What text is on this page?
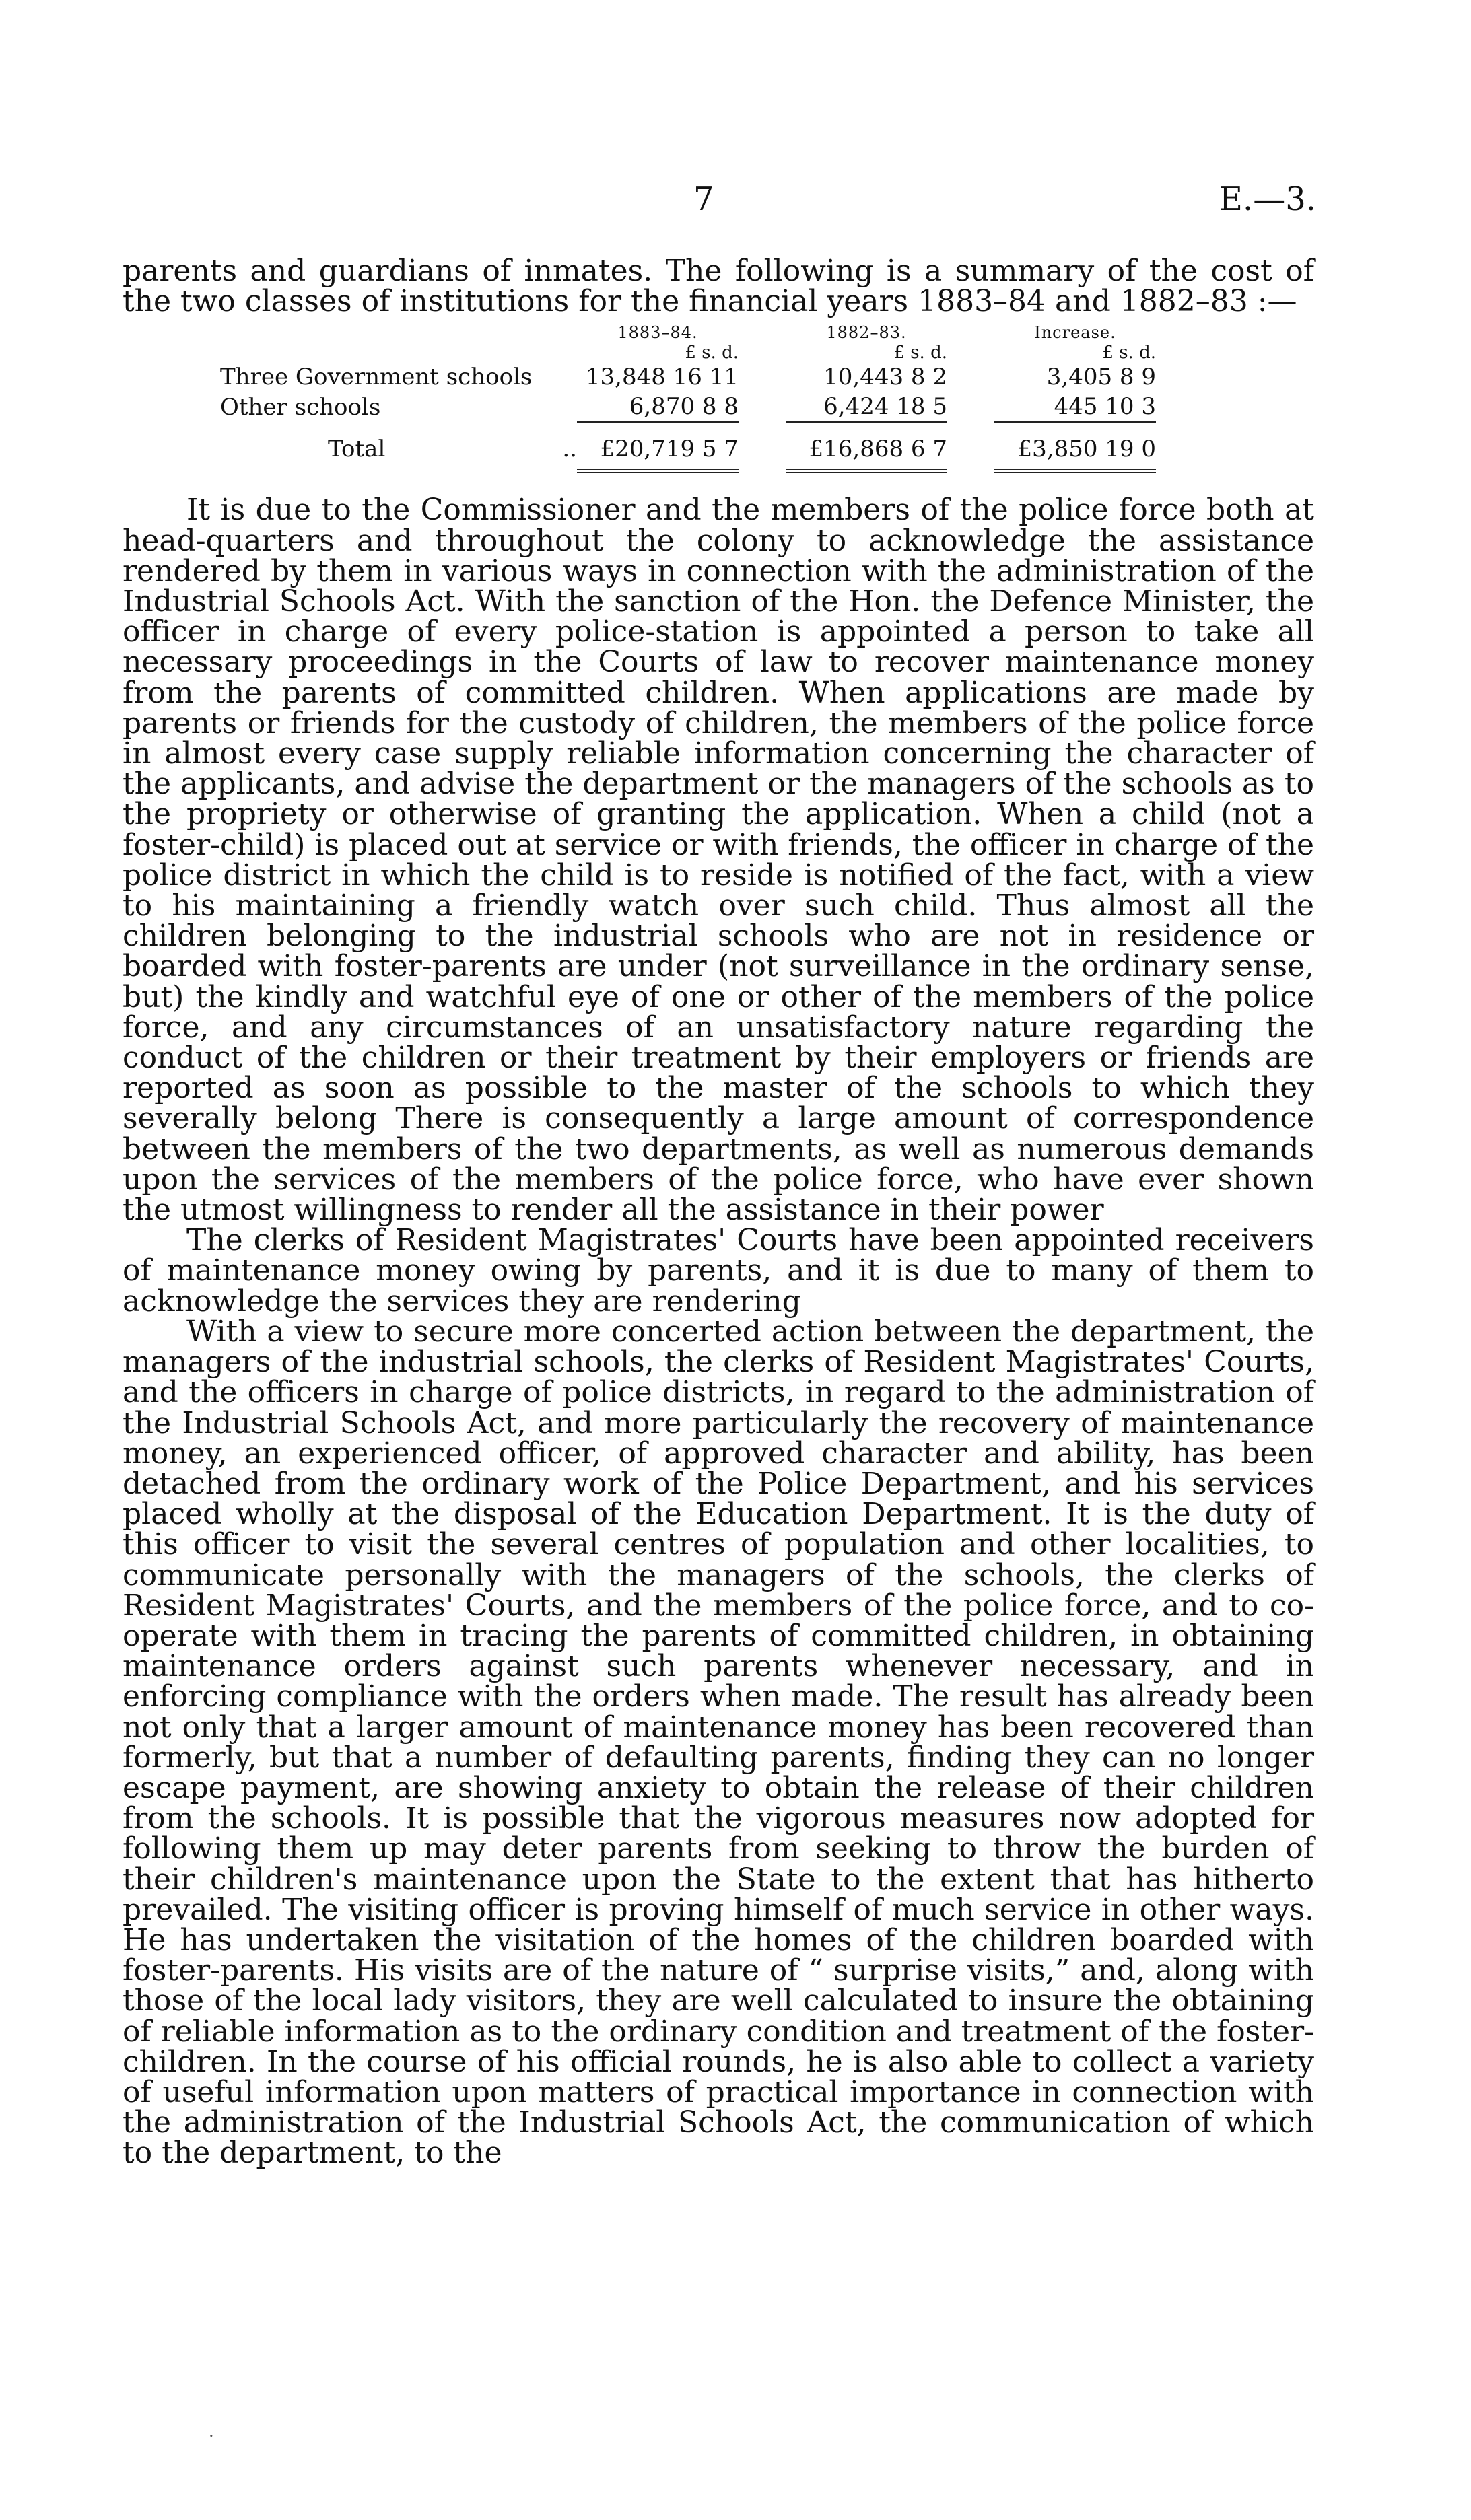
7	E.—3.

parents and guardians of inmates. The following is a summary of the cost of the two classes of institutions for the financial years 1883–84 and 1882–83 :—

	1883–84.		1882–83.		Increase.
	£ s. d.		£ s. d.		£ s. d.
Three Government schools	13,848 16 11		10,443 8 2		3,405 8 9
Other schools	6,870 8 8		6,424 18 5		445 10 3

Total ..	£20,719 5 7		£16,868 6 7		£3,850 19 0

It is due to the Commissioner and the members of the police force both at head-quarters and throughout the colony to acknowledge the assistance rendered by them in various ways in connection with the administration of the Industrial Schools Act. With the sanction of the Hon. the Defence Minister, the officer in charge of every police-station is appointed a person to take all necessary proceedings in the Courts of law to recover maintenance money from the parents of committed children. When applications are made by parents or friends for the custody of children, the members of the police force in almost every case supply reliable information concerning the character of the applicants, and advise the department or the managers of the schools as to the propriety or otherwise of granting the application. When a child (not a foster-child) is placed out at service or with friends, the officer in charge of the police district in which the child is to reside is notified of the fact, with a view to his maintaining a friendly watch over such child. Thus almost all the children belonging to the industrial schools who are not in residence or boarded with foster-parents are under (not surveillance in the ordinary sense, but) the kindly and watchful eye of one or other of the members of the police force, and any circumstances of an unsatisfactory nature regarding the conduct of the children or their treatment by their employers or friends are reported as soon as possible to the master of the schools to which they severally belong There is consequently a large amount of correspondence between the members of the two departments, as well as numerous demands upon the services of the members of the police force, who have ever shown the utmost willingness to render all the assistance in their power

The clerks of Resident Magistrates' Courts have been appointed receivers of maintenance money owing by parents, and it is due to many of them to acknowledge the services they are rendering

With a view to secure more concerted action between the department, the managers of the industrial schools, the clerks of Resident Magistrates' Courts, and the officers in charge of police districts, in regard to the administration of the Industrial Schools Act, and more particularly the recovery of maintenance money, an experienced officer, of approved character and ability, has been detached from the ordinary work of the Police Department, and his services placed wholly at the disposal of the Education Department. It is the duty of this officer to visit the several centres of population and other localities, to communicate personally with the managers of the schools, the clerks of Resident Magistrates' Courts, and the members of the police force, and to co-operate with them in tracing the parents of committed children, in obtaining maintenance orders against such parents whenever necessary, and in enforcing compliance with the orders when made. The result has already been not only that a larger amount of maintenance money has been recovered than formerly, but that a number of defaulting parents, finding they can no longer escape payment, are showing anxiety to obtain the release of their children from the schools. It is possible that the vigorous measures now adopted for following them up may deter parents from seeking to throw the burden of their children's maintenance upon the State to the extent that has hitherto prevailed. The visiting officer is proving himself of much service in other ways. He has undertaken the visitation of the homes of the children boarded with foster-parents. His visits are of the nature of “ surprise visits,” and, along with those of the local lady visitors, they are well calculated to insure the obtaining of reliable information as to the ordinary condition and treatment of the foster-children. In the course of his official rounds, he is also able to collect a variety of useful information upon matters of practical importance in connection with the administration of the Industrial Schools Act, the communication of which to the department, to the

.
